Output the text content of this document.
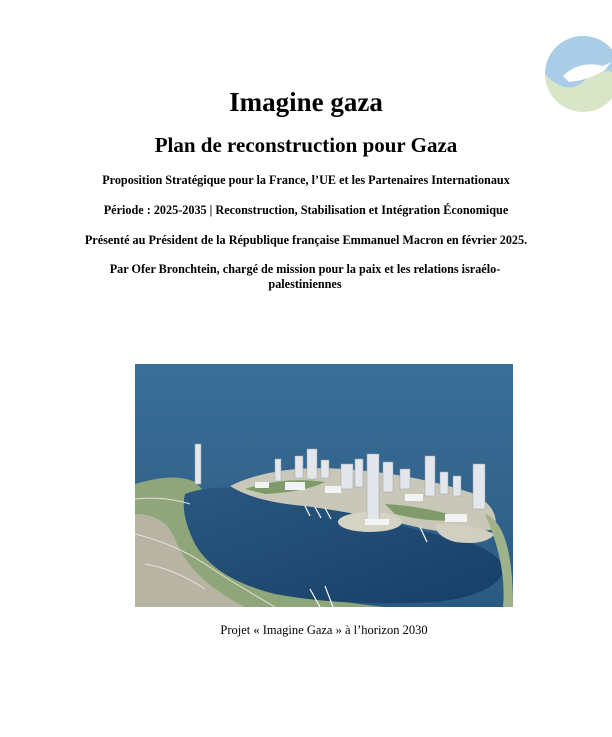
Imagine gaza
Plan de reconstruction pour Gaza

Proposition Stratégique pour la France, l’UE et les Partenaires Internationaux

Période : 2025-2035 | Reconstruction, Stabilisation et Intégration Économique

Présenté au Président de la République française Emmanuel Macron en février 2025.

Par Ofer Bronchtein, chargé de mission pour la paix et les relations israélo-palestiniennes

Projet « Imagine Gaza » à l’horizon 2030
